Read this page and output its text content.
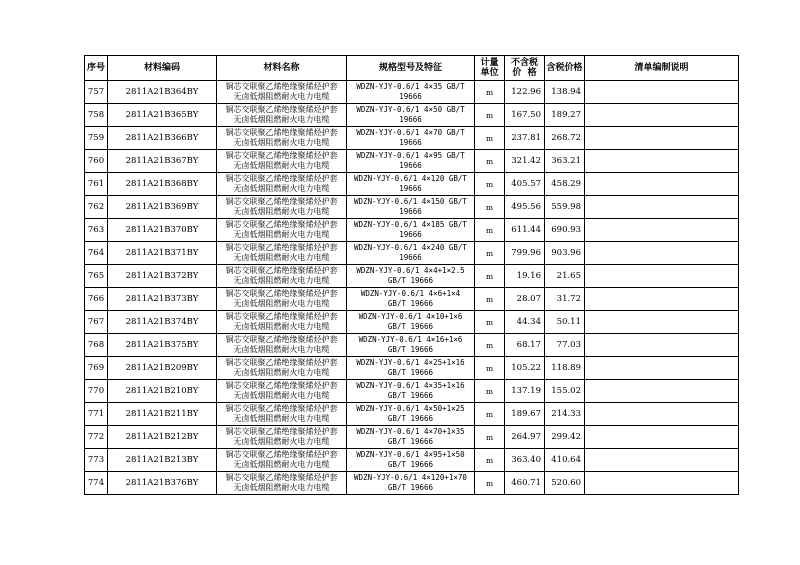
序号	材料编码	材料名称	规格型号及特征	计量
单位	不含税
价  格	含税价格	清单编制说明
757	2811A21B364BY	铜芯交联聚乙烯绝缘聚烯烃护套
无卤低烟阻燃耐火电力电缆	WDZN-YJY-0.6/1 4×35 GB/T
19666	m	122.96	138.94	
758	2811A21B365BY	铜芯交联聚乙烯绝缘聚烯烃护套
无卤低烟阻燃耐火电力电缆	WDZN-YJY-0.6/1 4×50 GB/T
19666	m	167.50	189.27	
759	2811A21B366BY	铜芯交联聚乙烯绝缘聚烯烃护套
无卤低烟阻燃耐火电力电缆	WDZN-YJY-0.6/1 4×70 GB/T
19666	m	237.81	268.72	
760	2811A21B367BY	铜芯交联聚乙烯绝缘聚烯烃护套
无卤低烟阻燃耐火电力电缆	WDZN-YJY-0.6/1 4×95 GB/T
19666	m	321.42	363.21	
761	2811A21B368BY	铜芯交联聚乙烯绝缘聚烯烃护套
无卤低烟阻燃耐火电力电缆	WDZN-YJY-0.6/1 4×120 GB/T
19666	m	405.57	458.29	
762	2811A21B369BY	铜芯交联聚乙烯绝缘聚烯烃护套
无卤低烟阻燃耐火电力电缆	WDZN-YJY-0.6/1 4×150 GB/T
19666	m	495.56	559.98	
763	2811A21B370BY	铜芯交联聚乙烯绝缘聚烯烃护套
无卤低烟阻燃耐火电力电缆	WDZN-YJY-0.6/1 4×185 GB/T
19666	m	611.44	690.93	
764	2811A21B371BY	铜芯交联聚乙烯绝缘聚烯烃护套
无卤低烟阻燃耐火电力电缆	WDZN-YJY-0.6/1 4×240 GB/T
19666	m	799.96	903.96	
765	2811A21B372BY	铜芯交联聚乙烯绝缘聚烯烃护套
无卤低烟阻燃耐火电力电缆	WDZN-YJY-0.6/1 4×4+1×2.5
GB/T 19666	m	19.16	21.65	
766	2811A21B373BY	铜芯交联聚乙烯绝缘聚烯烃护套
无卤低烟阻燃耐火电力电缆	WDZN-YJY-0.6/1 4×6+1×4
GB/T 19666	m	28.07	31.72	
767	2811A21B374BY	铜芯交联聚乙烯绝缘聚烯烃护套
无卤低烟阻燃耐火电力电缆	WDZN-YJY-0.6/1 4×10+1×6
GB/T 19666	m	44.34	50.11	
768	2811A21B375BY	铜芯交联聚乙烯绝缘聚烯烃护套
无卤低烟阻燃耐火电力电缆	WDZN-YJY-0.6/1 4×16+1×6
GB/T 19666	m	68.17	77.03	
769	2811A21B209BY	铜芯交联聚乙烯绝缘聚烯烃护套
无卤低烟阻燃耐火电力电缆	WDZN-YJY-0.6/1 4×25+1×16
GB/T 19666	m	105.22	118.89	
770	2811A21B210BY	铜芯交联聚乙烯绝缘聚烯烃护套
无卤低烟阻燃耐火电力电缆	WDZN-YJY-0.6/1 4×35+1×16
GB/T 19666	m	137.19	155.02	
771	2811A21B211BY	铜芯交联聚乙烯绝缘聚烯烃护套
无卤低烟阻燃耐火电力电缆	WDZN-YJY-0.6/1 4×50+1×25
GB/T 19666	m	189.67	214.33	
772	2811A21B212BY	铜芯交联聚乙烯绝缘聚烯烃护套
无卤低烟阻燃耐火电力电缆	WDZN-YJY-0.6/1 4×70+1×35
GB/T 19666	m	264.97	299.42	
773	2811A21B213BY	铜芯交联聚乙烯绝缘聚烯烃护套
无卤低烟阻燃耐火电力电缆	WDZN-YJY-0.6/1 4×95+1×50
GB/T 19666	m	363.40	410.64	
774	2811A21B376BY	铜芯交联聚乙烯绝缘聚烯烃护套
无卤低烟阻燃耐火电力电缆	WDZN-YJY-0.6/1 4×120+1×70
GB/T 19666	m	460.71	520.60	
